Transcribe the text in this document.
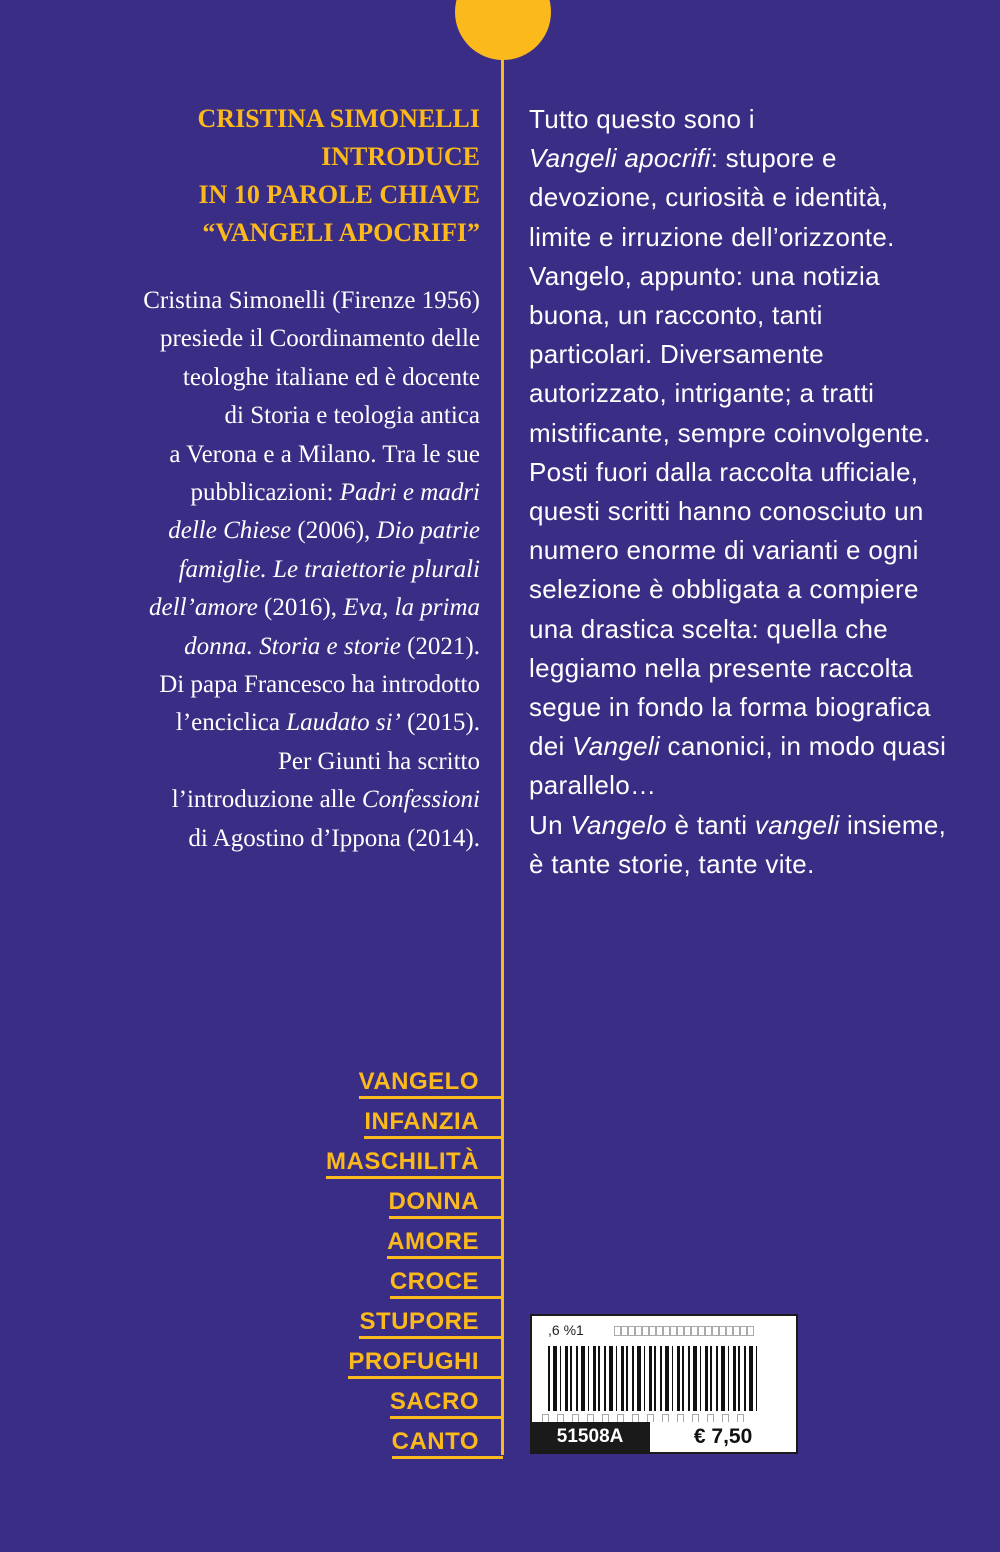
CRISTINA SIMONELLI
INTRODUCE
IN 10 PAROLE CHIAVE
“VANGELI APOCRIFI”

Cristina Simonelli (Firenze 1956)
presiede il Coordinamento delle
teologhe italiane ed è docente
di Storia e teologia antica
a Verona e a Milano. Tra le sue
pubblicazioni: Padri e madri
delle Chiese (2006), Dio patrie
famiglie. Le traiettorie plurali
dell’amore (2016), Eva, la prima
donna. Storia e storie (2021).
Di papa Francesco ha introdotto
l’enciclica Laudato si’ (2015).
Per Giunti ha scritto
l’introduzione alle Confessioni
di Agostino d’Ippona (2014).

Tutto questo sono i
Vangeli apocrifi: stupore e devozione, curiosità e identità, limite e irruzione dell’orizzonte. Vangelo, appunto: una notizia buona, un racconto, tanti particolari. Diversamente autorizzato, intrigante; a tratti mistificante, sempre coinvolgente.

Posti fuori dalla raccolta ufficiale, questi scritti hanno conosciuto un numero enorme di varianti e ogni selezione è obbligata a compiere una drastica scelta: quella che leggiamo nella presente raccolta segue in fondo la forma biografica dei Vangeli canonici, in modo quasi parallelo…

Un Vangelo è tanti vangeli insieme, è tante storie, tante vite.

VANGELO
INFANZIA
MASCHILITÀ
DONNA
AMORE
CROCE
STUPORE
PROFUGHI
SACRO
CANTO
,6 %1
51508A	€ 7,50
